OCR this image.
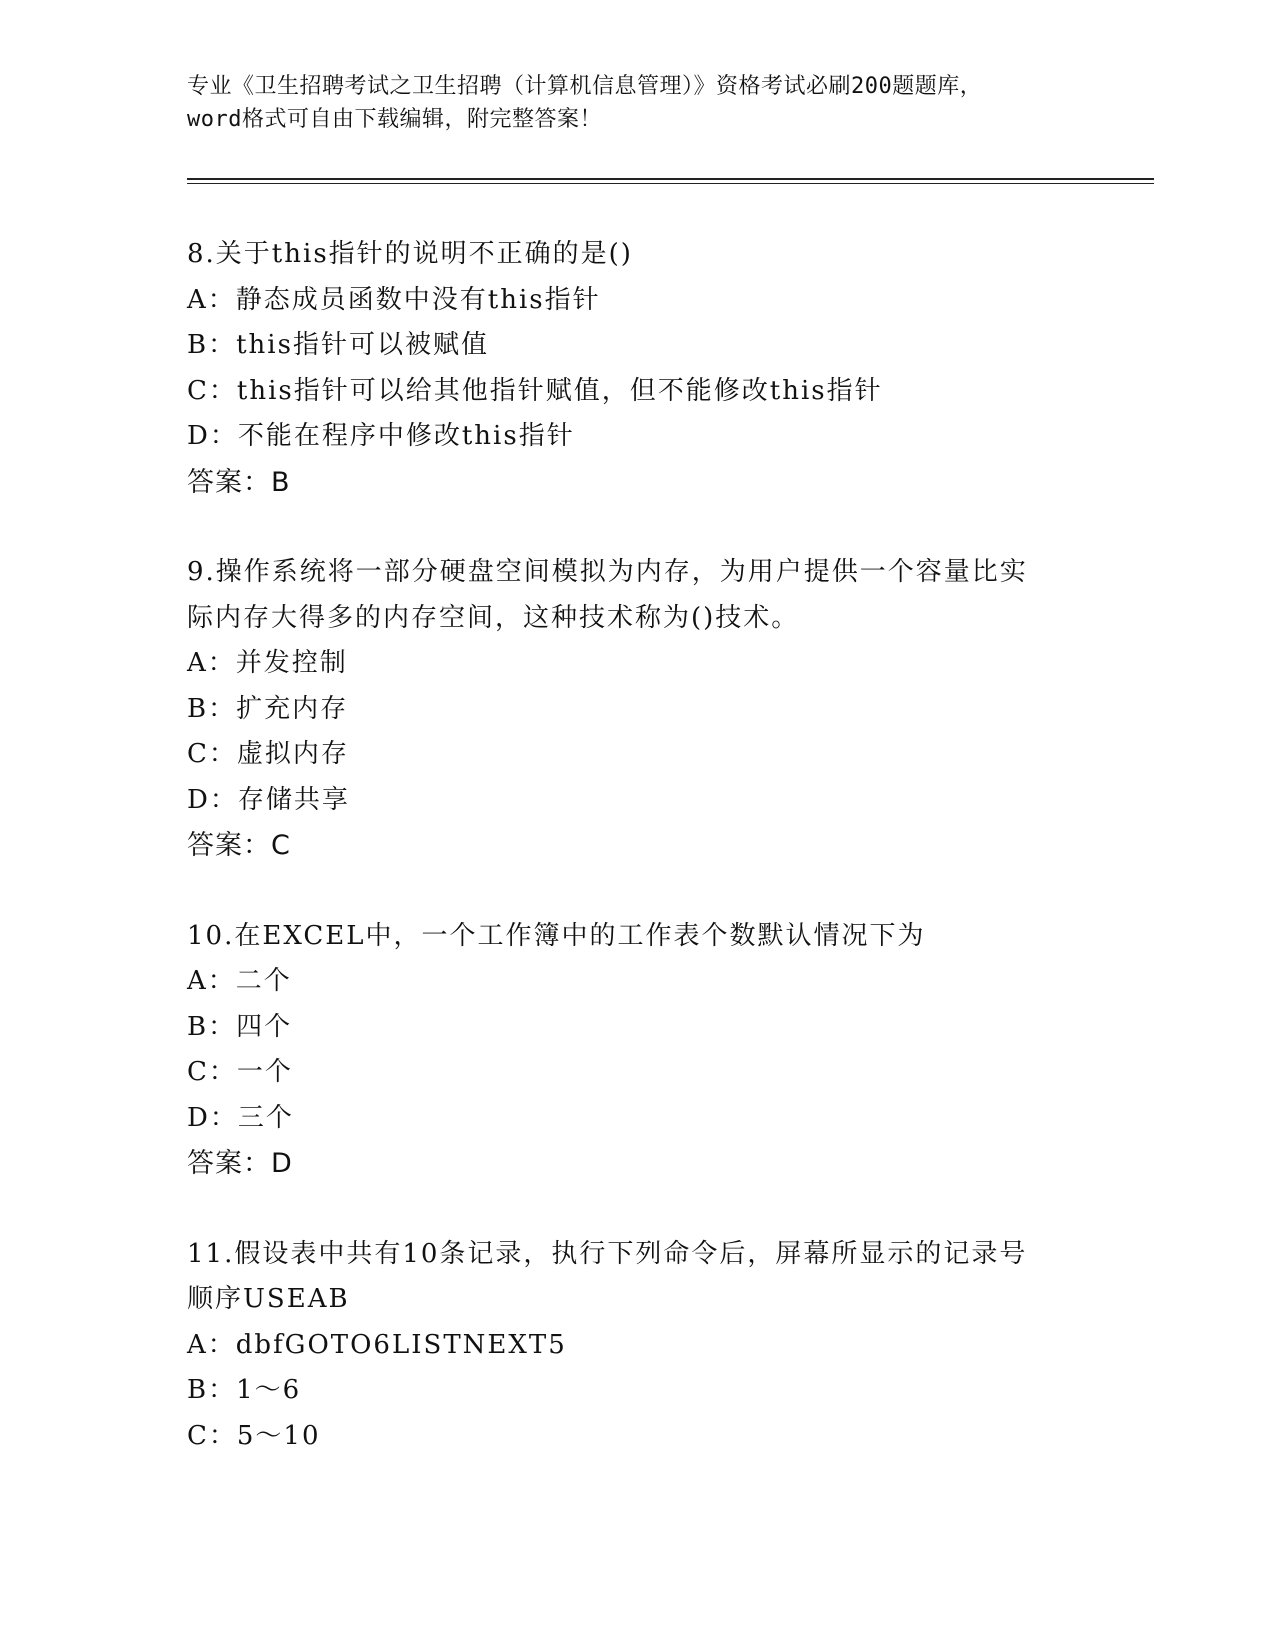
专业《卫生招聘考试之卫生招聘（计算机信息管理）》资格考试必刷200题题库，
word格式可自由下载编辑，附完整答案！
8.关于this指针的说明不正确的是()
A：静态成员函数中没有this指针
B：this指针可以被赋值
C：this指针可以给其他指针赋值，但不能修改this指针
D：不能在程序中修改this指针
答案：B
9.操作系统将一部分硬盘空间模拟为内存，为用户提供一个容量比实
际内存大得多的内存空间，这种技术称为()技术。
A：并发控制
B：扩充内存
C：虚拟内存
D：存储共享
答案：C
10.在EXCEL中，一个工作簿中的工作表个数默认情况下为
A：二个
B：四个
C：一个
D：三个
答案：D
11.假设表中共有10条记录，执行下列命令后，屏幕所显示的记录号
顺序USEAB
A：dbfGOTO6LISTNEXT5
B：1～6
C：5～10
